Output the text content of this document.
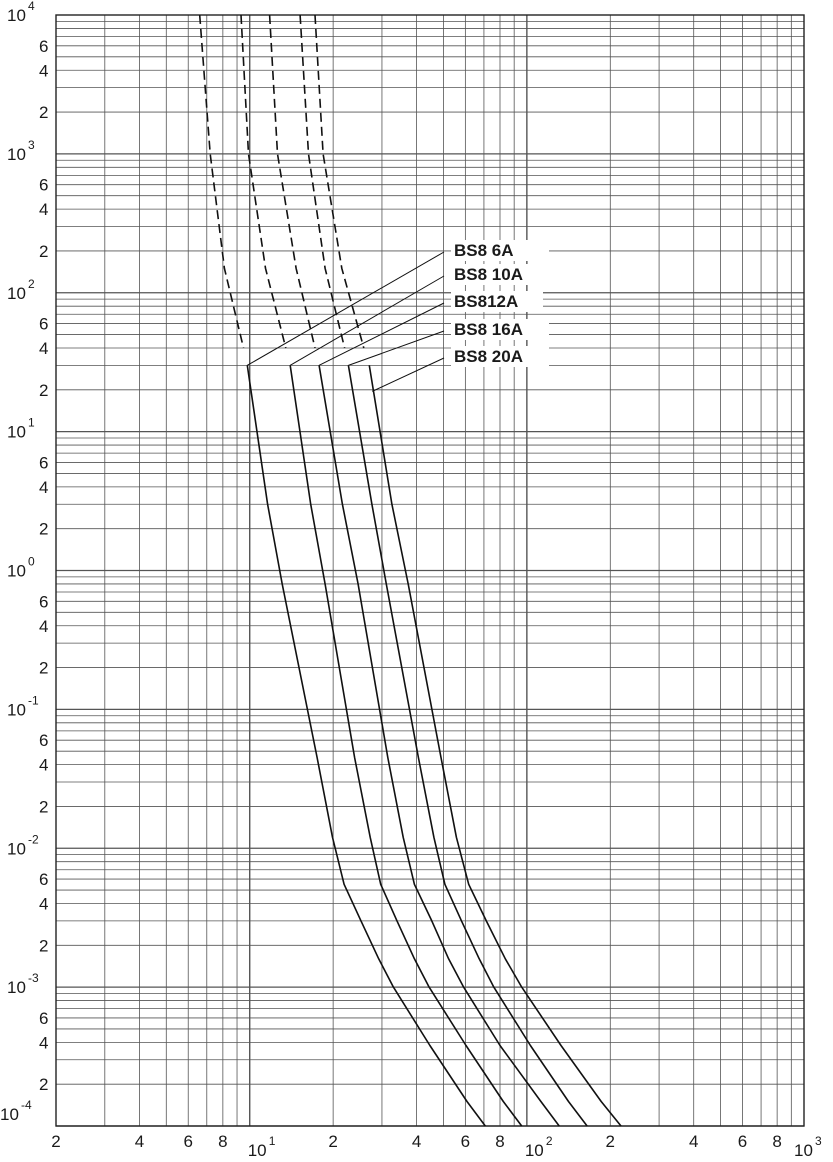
BS8 6A
BS8 10A
BS812A
BS8 16A
BS8 20A
10 4
6
4
2
10 3
6
4
2
10 2
6
4
2
10 1
6
4
2
10 0
6
4
2
10 -1
6
4
2
10 -2
6
4
2
10 -3
6
4
2
10 -4
2	4 6 8 10 1	2	4 6 8 10 2	2	4 6 8 10 3
